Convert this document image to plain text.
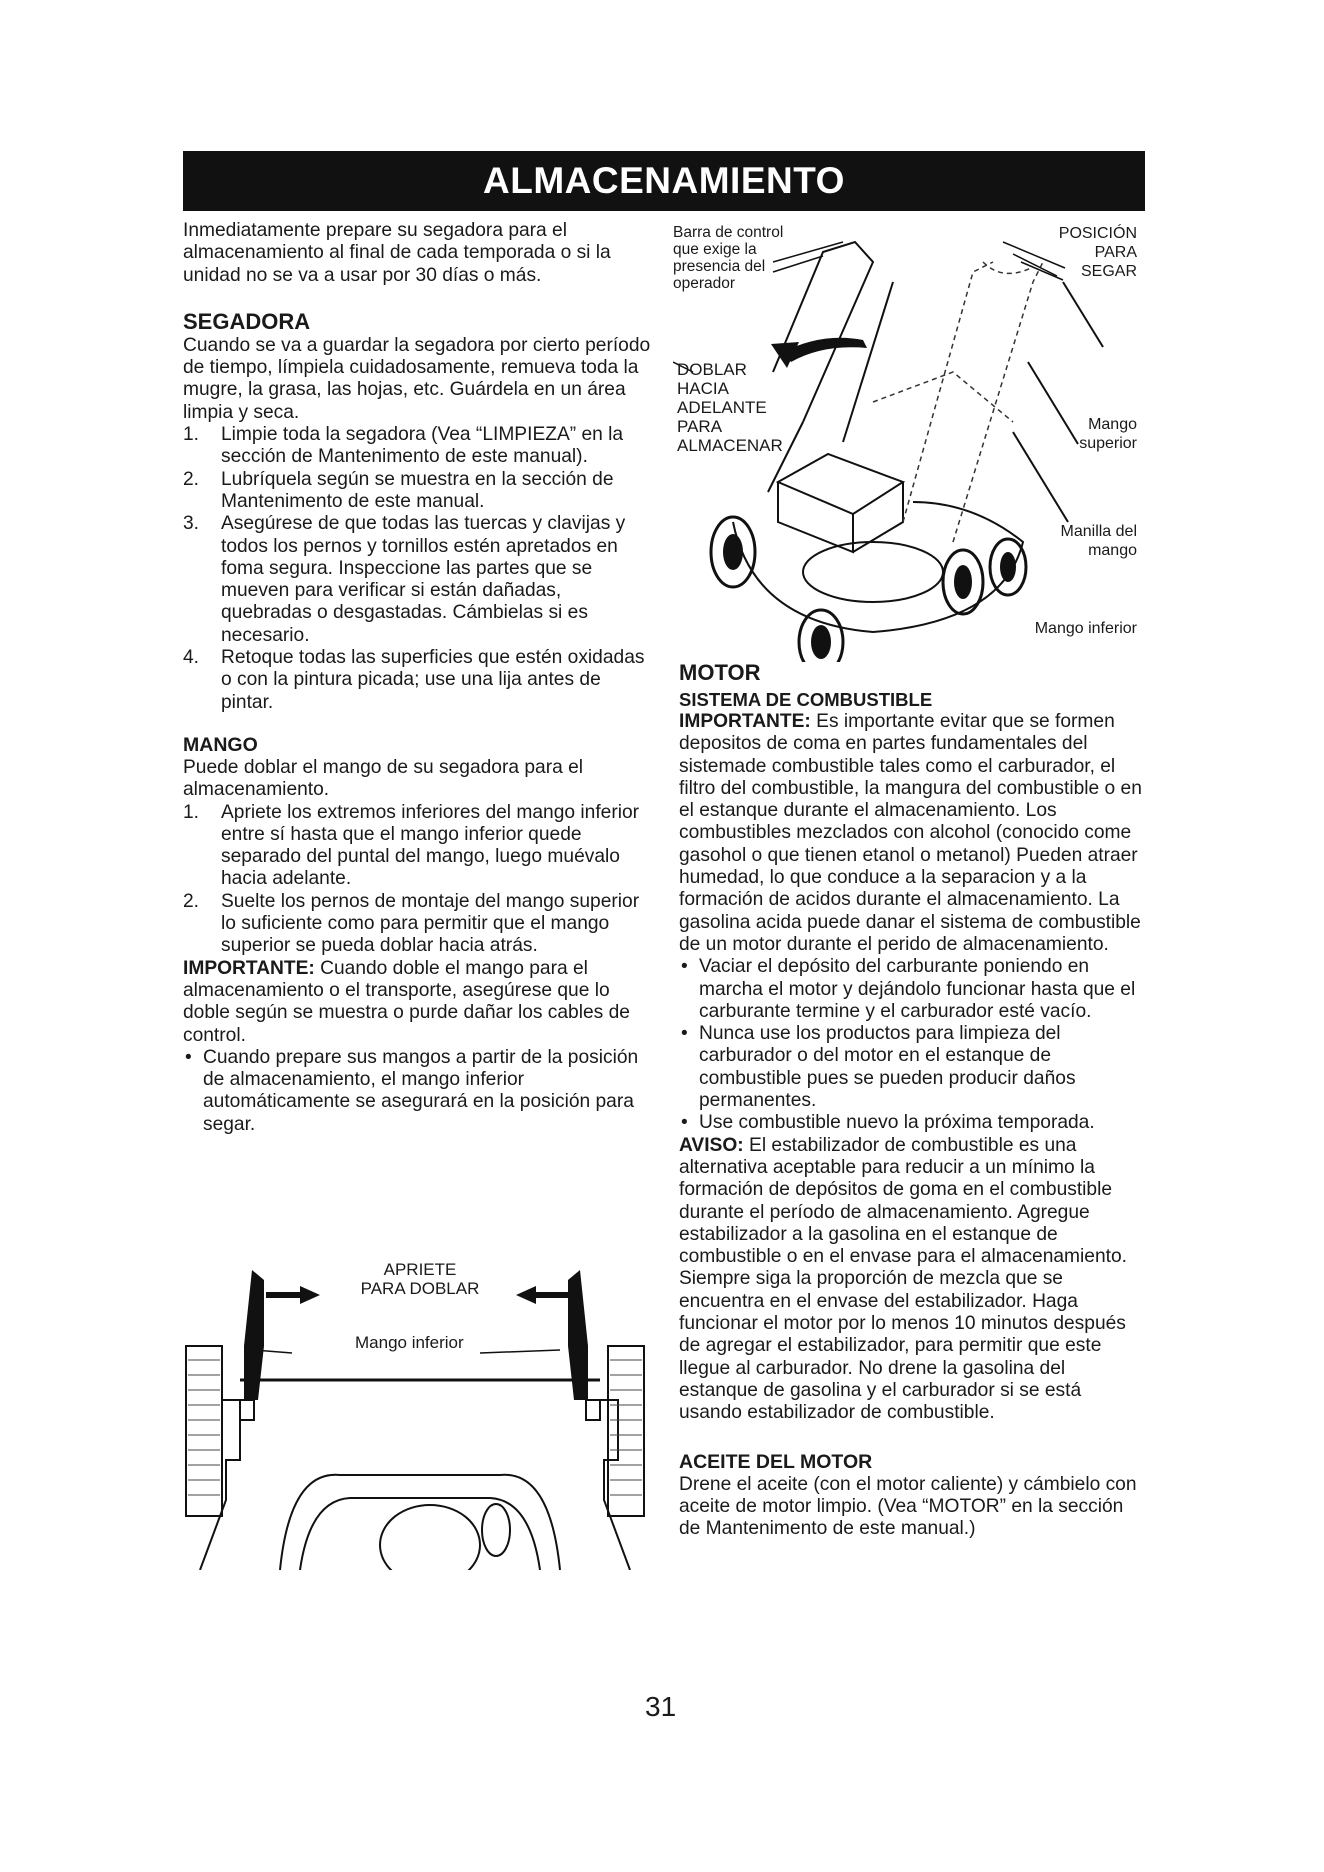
ALMACENAMIENTO

Inmediatamente prepare su segadora para el almacenamiento al final de cada temporada o si la unidad no se va a usar por 30 días o más.

SEGADORA

Cuando se va a guardar la segadora por cierto período de tiempo, límpiela cuidadosamente, remueva toda la mugre, la grasa, las hojas, etc. Guárdela en un área limpia y seca.

1. Limpie toda la segadora (Vea “LIMPIEZA” en la sección de Mantenimento de este manual).
2. Lubríquela según se muestra en la sección de Mantenimento de este manual.
3. Asegúrese de que todas las tuercas y clavijas y todos los pernos y tornillos estén apretados en foma segura. Inspeccione las partes que se mueven para verificar si están dañadas, quebradas o desgastadas. Cámbielas si es necesario.
4. Retoque todas las superficies que estén oxidadas o con la pintura picada; use una lija antes de pintar.

MANGO

Puede doblar el mango de su segadora para el almacenamiento.

1. Apriete los extremos inferiores del mango inferior entre sí hasta que el mango inferior quede separado del puntal del mango, luego muévalo hacia adelante.
2. Suelte los pernos de montaje del mango superior lo suficiente como para permitir que el mango superior se pueda doblar hacia atrás.

IMPORTANTE: Cuando doble el mango para el almacenamiento o el transporte, asegúrese que lo doble según se muestra o purde dañar los cables de control.

• Cuando prepare sus mangos a partir de la posición de almacenamiento, el mango inferior automáticamente se asegurará en la posición para segar.
APRIETE
PARA DOBLAR
Mango inferior
Barra de control
que exige la
presencia del
operador
POSICIÓN
PARA
SEGAR
DOBLAR
HACIA
ADELANTE
PARA
ALMACENAR
Mango
superior
Manilla del
mango
Mango inferior

MOTOR

SISTEMA DE COMBUSTIBLE

IMPORTANTE: Es importante evitar que se formen depositos de coma en partes fundamentales del sistemade combustible tales como el carburador, el filtro del combustible, la mangura del combustible o en el estanque durante el almacenamiento. Los combustibles mezclados con alcohol (conocido come gasohol o que tienen etanol o metanol) Pueden atraer humedad, lo que conduce a la separacion y a la formación de acidos durante el almacenamiento. La gasolina acida puede danar el sistema de combustible de un motor durante el perido de almacenamiento.

• Vaciar el depósito del carburante poniendo en marcha el motor y dejándolo funcionar hasta que el carburante termine y el carburador esté vacío.
• Nunca use los productos para limpieza del carburador o del motor en el estanque de combustible pues se pueden producir daños permanentes.
• Use combustible nuevo la próxima temporada.

AVISO: El estabilizador de combustible es una alternativa aceptable para reducir a un mínimo la formación de depósitos de goma en el combustible durante el período de almacenamiento. Agregue estabilizador a la gasolina en el estanque de combustible o en el envase para el almacenamiento. Siempre siga la proporción de mezcla que se encuentra en el envase del estabilizador. Haga funcionar el motor por lo menos 10 minutos después de agregar el estabilizador, para permitir que este llegue al carburador. No drene la gasolina del estanque de gasolina y el carburador si se está usando estabilizador de combustible.

ACEITE DEL MOTOR

Drene el aceite (con el motor caliente) y cámbielo con aceite de motor limpio. (Vea “MOTOR” en la sección de Mantenimento de este manual.)

31
